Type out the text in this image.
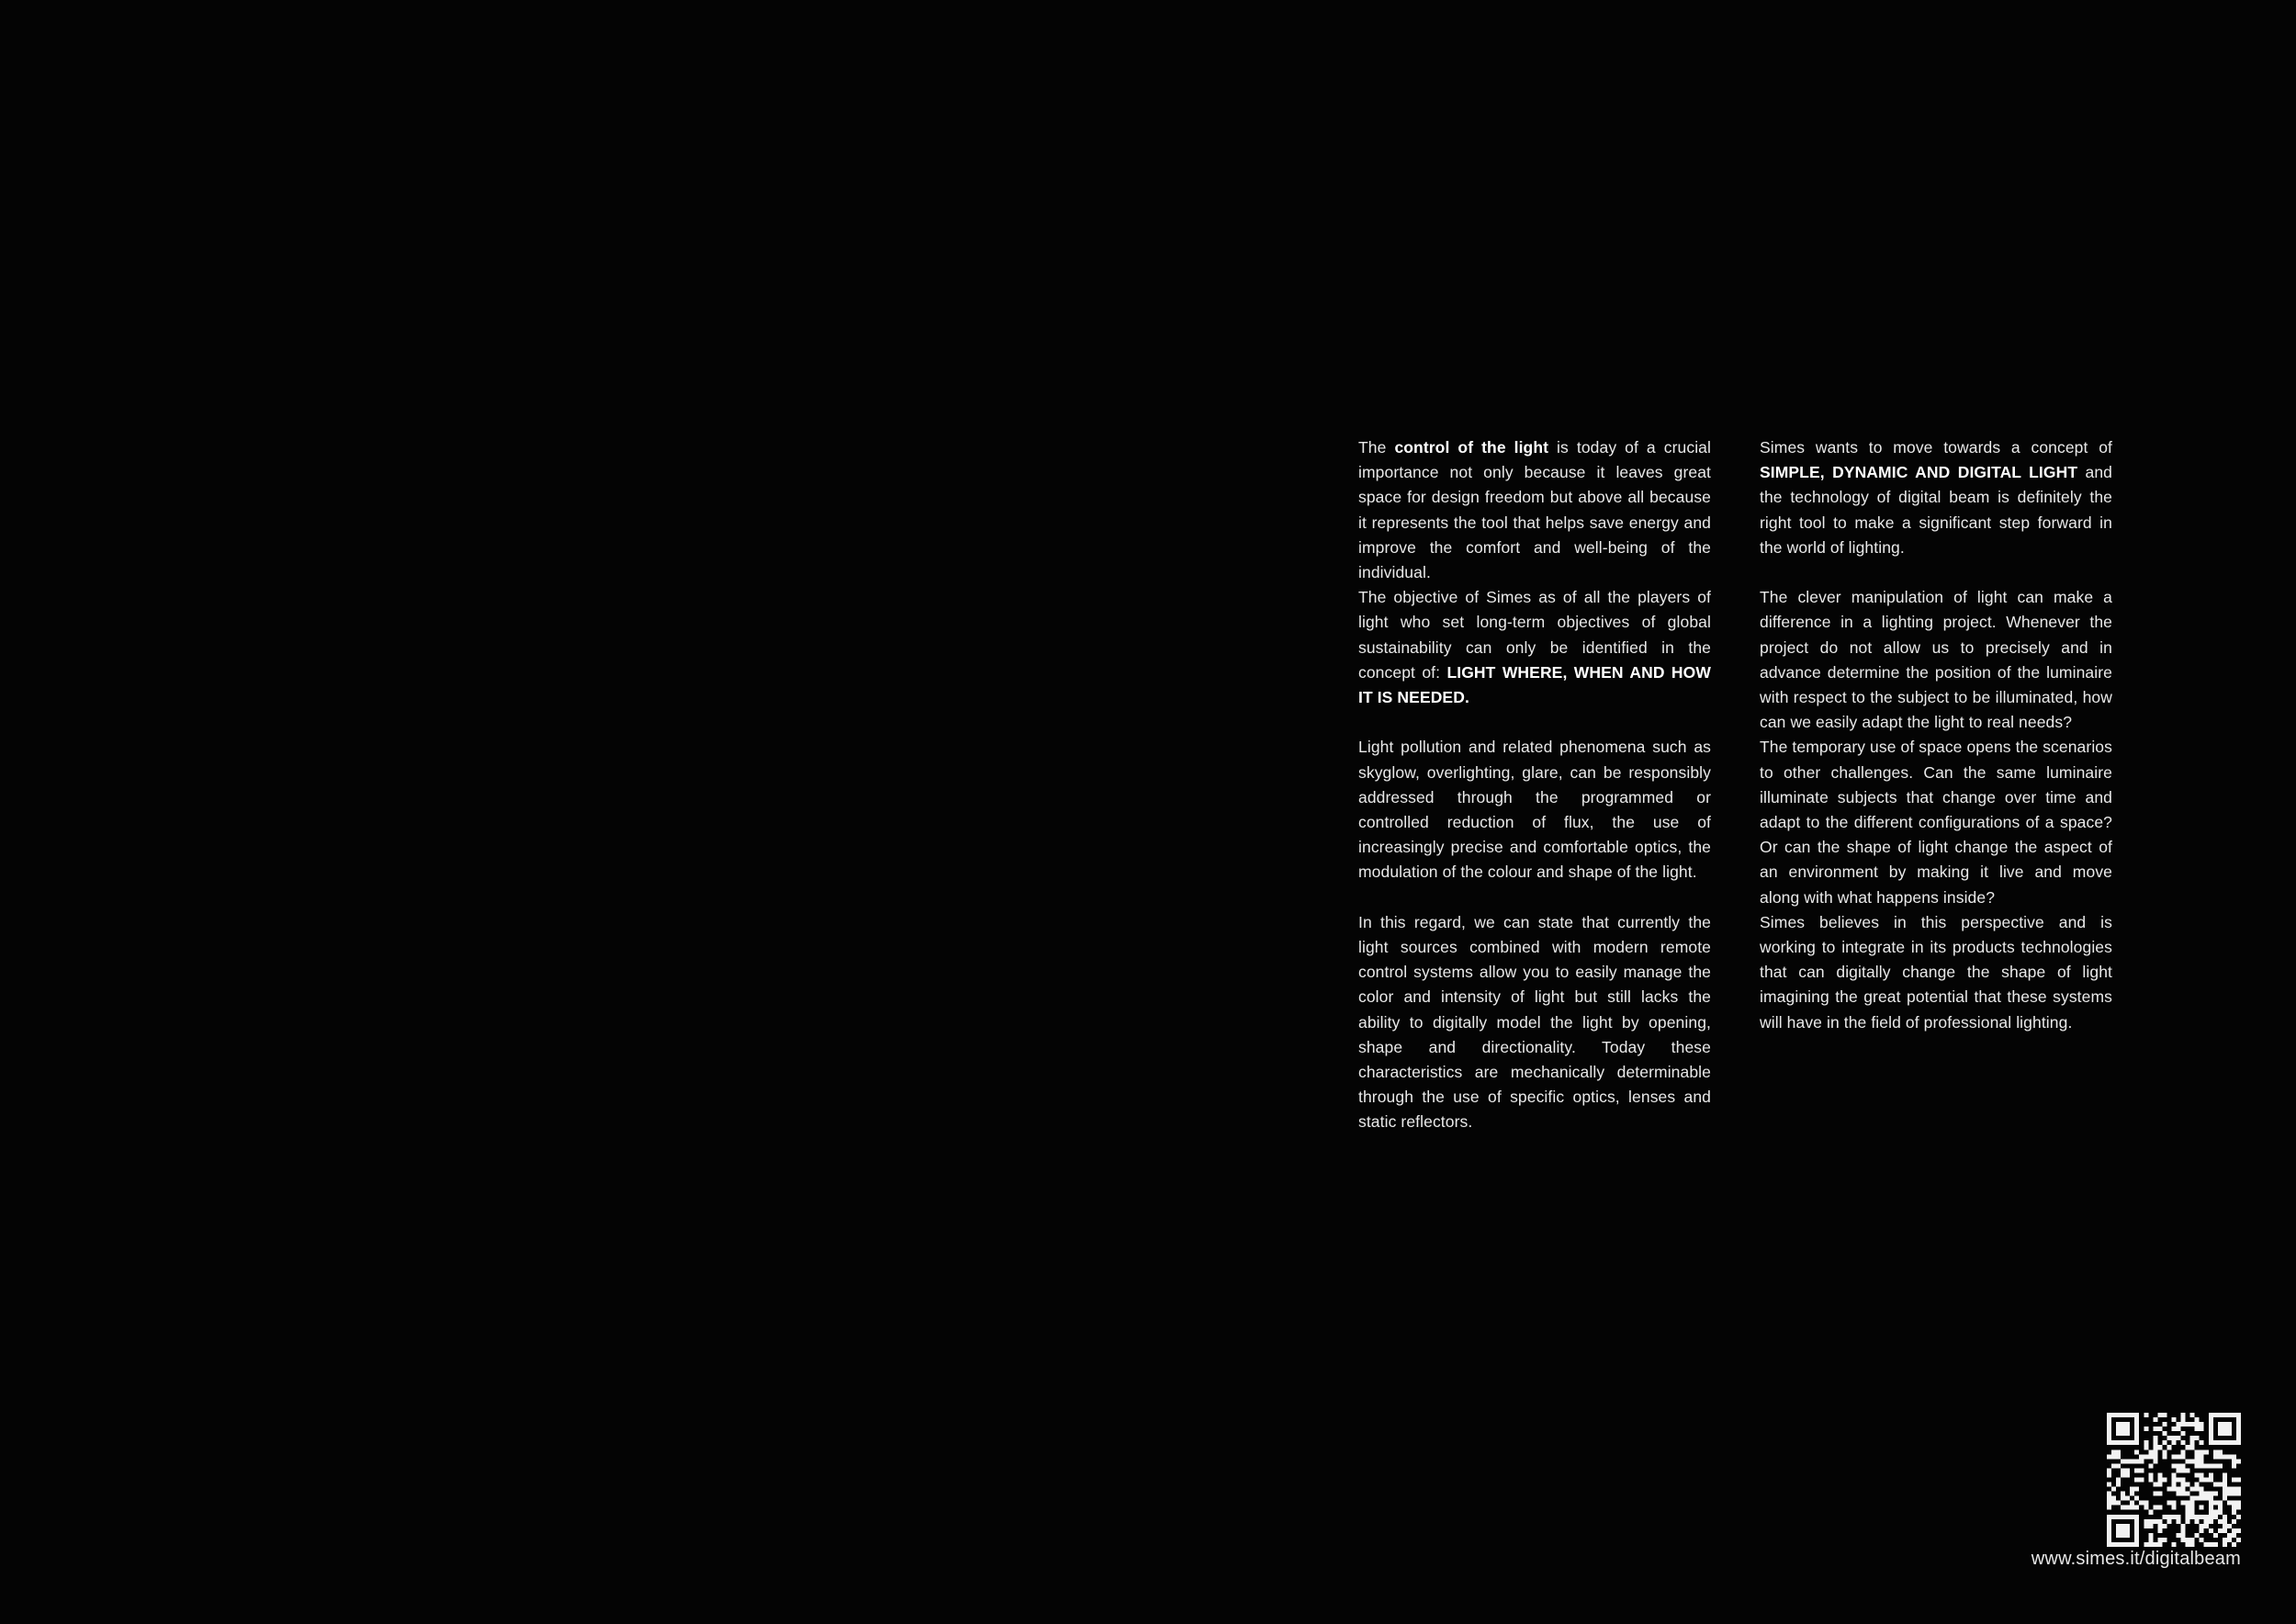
The control of the light is today of a crucial importance not only because it leaves great space for design freedom but above all because it represents the tool that helps save energy and improve the comfort and well-being of the individual.

The objective of Simes as of all the players of light who set long-term objectives of global sustainability can only be identified in the concept of: LIGHT WHERE, WHEN AND HOW IT IS NEEDED.

Light pollution and related phenomena such as skyglow, overlighting, glare, can be responsibly addressed through the programmed or controlled reduction of flux, the use of increasingly precise and comfortable optics, the modulation of the colour and shape of the light.

In this regard, we can state that currently the light sources combined with modern remote control systems allow you to easily manage the color and intensity of light but still lacks the ability to digitally model the light by opening, shape and directionality. Today these characteristics are mechanically determinable through the use of specific optics, lenses and static reflectors.

Simes wants to move towards a concept of SIMPLE, DYNAMIC AND DIGITAL LIGHT and the technology of digital beam is definitely the right tool to make a significant step forward in the world of lighting.

The clever manipulation of light can make a difference in a lighting project. Whenever the project do not allow us to precisely and in advance determine the position of the luminaire with respect to the subject to be illuminated, how can we easily adapt the light to real needs?

The temporary use of space opens the scenarios to other challenges. Can the same luminaire illuminate subjects that change over time and adapt to the different configurations of a space? Or can the shape of light change the aspect of an environment by making it live and move along with what happens inside?

Simes believes in this perspective and is working to integrate in its products technologies that can digitally change the shape of light imagining the great potential that these systems will have in the field of professional lighting.

www.simes.it/digitalbeam
